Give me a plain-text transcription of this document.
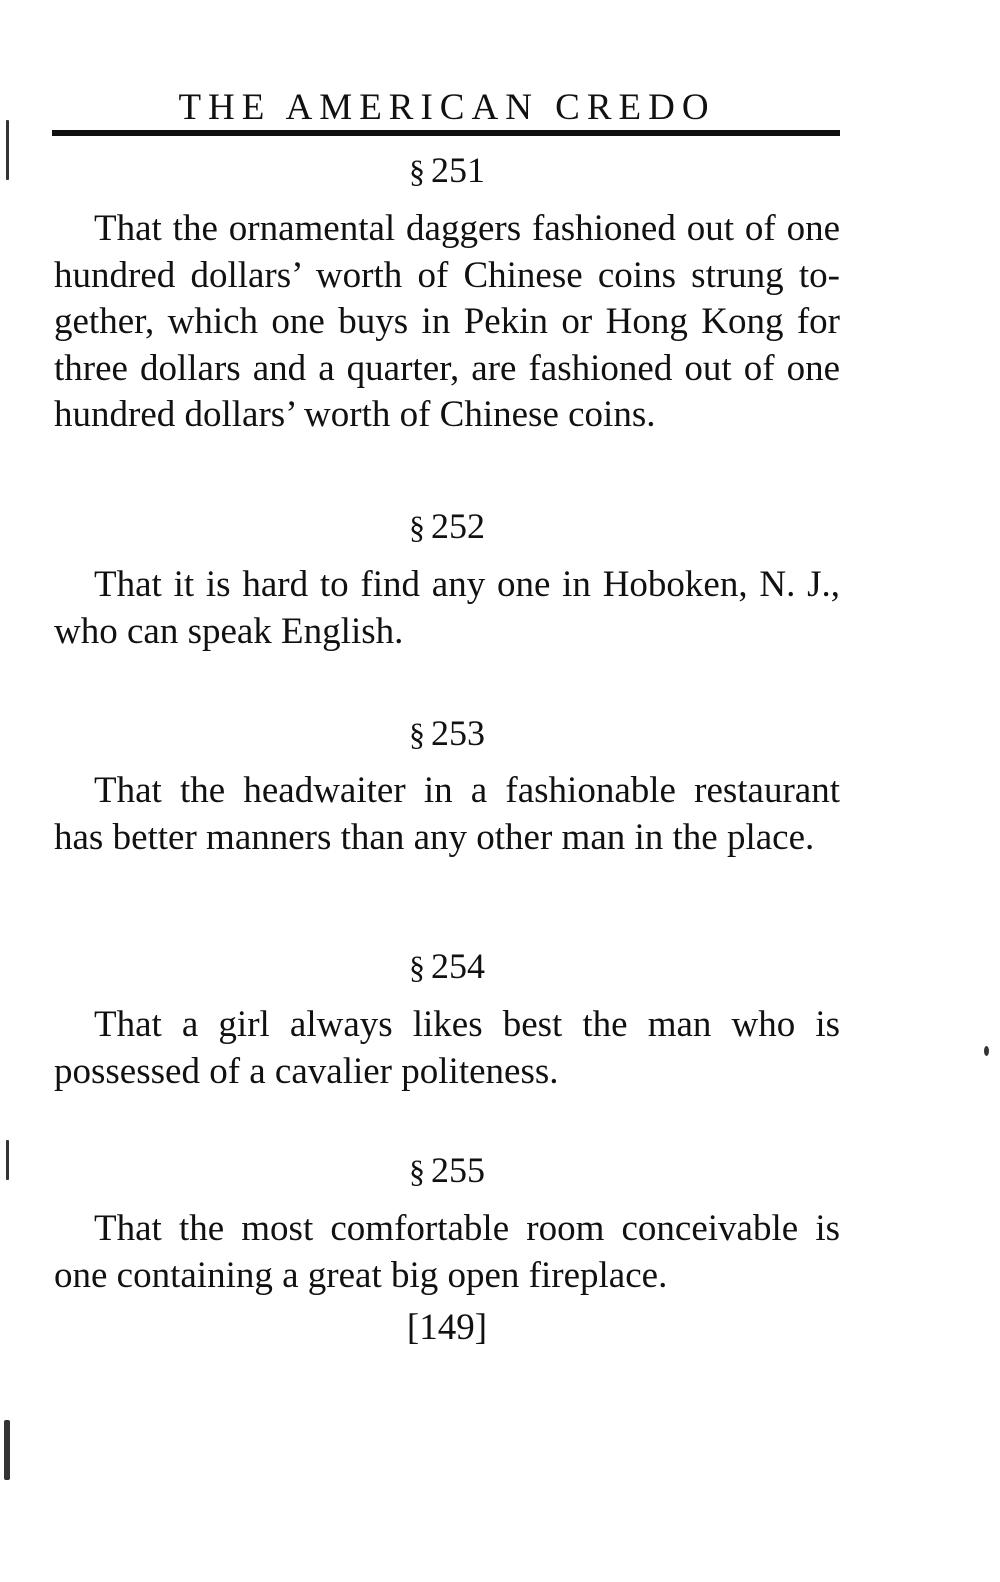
THE AMERICAN CREDO
§ 251
That the ornamental daggers fashioned out of one hundred dollars’ worth of Chinese coins strung together, which one buys in Pekin or Hong Kong for three dollars and a quarter, are fashioned out of one hundred dollars’ worth of Chinese coins.
§ 252
That it is hard to find any one in Hoboken, N. J., who can speak English.
§ 253
That the headwaiter in a fashionable restaurant has better manners than any other man in the place.
§ 254
That a girl always likes best the man who is possessed of a cavalier politeness.
§ 255
That the most comfortable room conceivable is one containing a great big open fireplace.
[149]
